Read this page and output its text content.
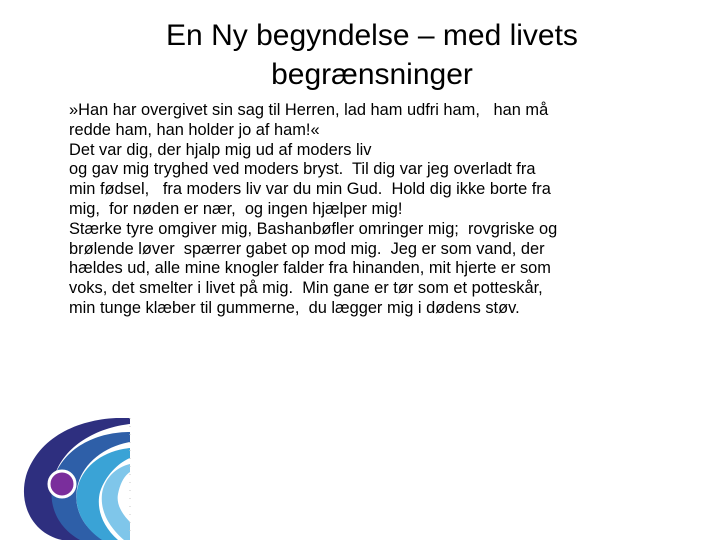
En Ny begyndelse – med livets
begrænsninger
»Han har overgivet sin sag til Herren, lad ham udfri ham,   han må
redde ham, han holder jo af ham!«
Det var dig, der hjalp mig ud af moders liv
og gav mig tryghed ved moders bryst.  Til dig var jeg overladt fra
min fødsel,   fra moders liv var du min Gud.  Hold dig ikke borte fra
mig,  for nøden er nær,  og ingen hjælper mig!
Stærke tyre omgiver mig, Bashanbøfler omringer mig;  rovgriske og
brølende løver  spærrer gabet op mod mig.  Jeg er som vand, der
hældes ud, alle mine knogler falder fra hinanden, mit hjerte er som
voks, det smelter i livet på mig.  Min gane er tør som et potteskår,
min tunge klæber til gummerne,  du lægger mig i dødens støv.
